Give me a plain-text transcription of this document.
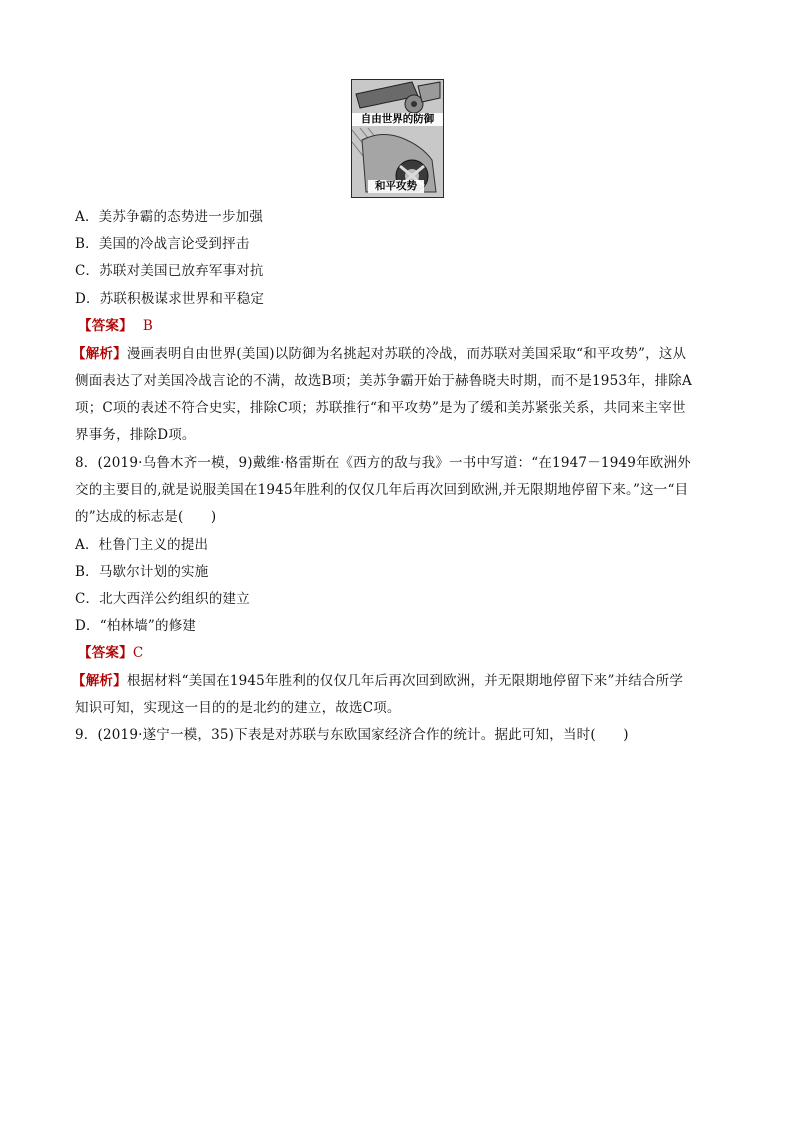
自由世界的防御
和平攻势
A．美苏争霸的态势进一步加强
B．美国的冷战言论受到抨击
C．苏联对美国已放弃军事对抗
D．苏联积极谋求世界和平稳定
【答案】 B
【解析】漫画表明自由世界(美国)以防御为名挑起对苏联的冷战，而苏联对美国采取“和平攻势”，这从
侧面表达了对美国冷战言论的不满，故选B项；美苏争霸开始于赫鲁晓夫时期，而不是1953年，排除A
项；C项的表述不符合史实，排除C项；苏联推行“和平攻势”是为了缓和美苏紧张关系，共同来主宰世
界事务，排除D项。
8．(2019·乌鲁木齐一模，9)戴维·格雷斯在《西方的敌与我》一书中写道：“在1947－1949年欧洲外
交的主要目的,就是说服美国在1945年胜利的仅仅几年后再次回到欧洲,并无限期地停留下来。”这一“目
的”达成的标志是(　　)
A．杜鲁门主义的提出
B．马歇尔计划的实施
C．北大西洋公约组织的建立
D．“柏林墙”的修建
【答案】C
【解析】根据材料“美国在1945年胜利的仅仅几年后再次回到欧洲，并无限期地停留下来”并结合所学
知识可知，实现这一目的的是北约的建立，故选C项。
9．(2019·遂宁一模，35)下表是对苏联与东欧国家经济合作的统计。据此可知，当时(　　)
